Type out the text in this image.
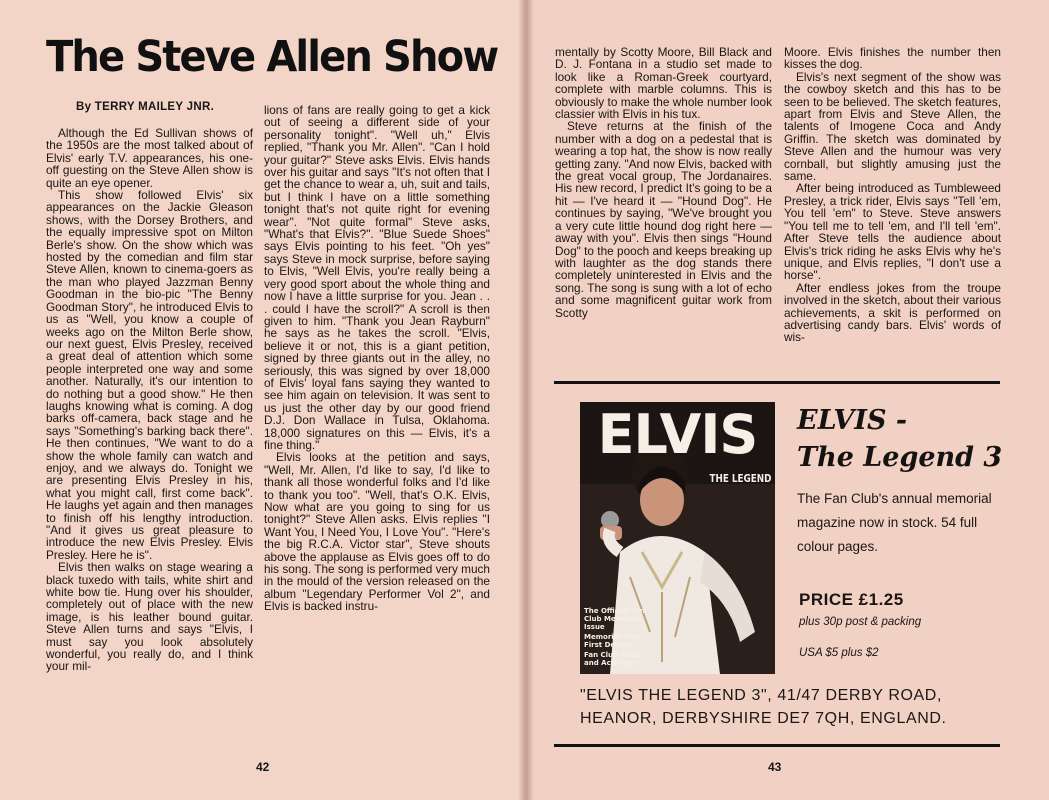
The Steve Allen Show

By TERRY MAILEY JNR.

Although the Ed Sullivan shows of the 1950s are the most talked about of Elvis' early T.V. appearances, his one-off guesting on the Steve Allen show is quite an eye opener.

This show followed Elvis' six appearances on the Jackie Gleason shows, with the Dorsey Brothers, and the equally impressive spot on Milton Berle's show. On the show which was hosted by the comedian and film star Steve Allen, known to cinema-goers as the man who played Jazzman Benny Goodman in the bio-pic "The Benny Goodman Story", he introduced Elvis to us as "Well, you know a couple of weeks ago on the Milton Berle show, our next guest, Elvis Presley, received a great deal of attention which some people interpreted one way and some another. Naturally, it's our intention to do nothing but a good show." He then laughs knowing what is coming. A dog barks off-camera, back stage and he says "Something's barking back there". He then continues, "We want to do a show the whole family can watch and enjoy, and we always do. Tonight we are presenting Elvis Presley in his, what you might call, first come back". He laughs yet again and then manages to finish off his lengthy introduction. "And it gives us great pleasure to introduce the new Elvis Presley. Elvis Presley. Here he is".

Elvis then walks on stage wearing a black tuxedo with tails, white shirt and white bow tie. Hung over his shoulder, completely out of place with the new image, is his leather bound guitar. Steve Allen turns and says "Elvis, I must say you look absolutely wonderful, you really do, and I think your mil-

lions of fans are really going to get a kick out of seeing a different side of your personality tonight". "Well uh," Elvis replied, "Thank you Mr. Allen". "Can I hold your guitar?" Steve asks Elvis. Elvis hands over his guitar and says "It's not often that I get the chance to wear a, uh, suit and tails, but I think I have on a little something tonight that's not quite right for evening wear". "Not quite formal" Steve asks, "What's that Elvis?". "Blue Suede Shoes" says Elvis pointing to his feet. "Oh yes" says Steve in mock surprise, before saying to Elvis, "Well Elvis, you're really being a very good sport about the whole thing and now I have a little surprise for you. Jean . . . could I have the scroll?" A scroll is then given to him. "Thank you Jean Rayburn" he says as he takes the scroll. "Elvis, believe it or not, this is a giant petition, signed by three giants out in the alley, no seriously, this was signed by over 18,000 of Elvis' loyal fans saying they wanted to see him again on television. It was sent to us just the other day by our good friend D.J. Don Wallace in Tulsa, Oklahoma. 18,000 signatures on this — Elvis, it's a fine thing."

Elvis looks at the petition and says, "Well, Mr. Allen, I'd like to say, I'd like to thank all those wonderful folks and I'd like to thank you too". "Well, that's O.K. Elvis, Now what are you going to sing for us tonight?" Steve Allen asks. Elvis replies "I Want You, I Need You, I Love You". "Here's the big R.C.A. Victor star", Steve shouts above the applause as Elvis goes off to do his song. The song is performed very much in the mould of the version released on the album "Legendary Performer Vol 2", and Elvis is backed instru-

42

mentally by Scotty Moore, Bill Black and D. J. Fontana in a studio set made to look like a Roman-Greek courtyard, complete with marble columns. This is obviously to make the whole number look classier with Elvis in his tux.

Steve returns at the finish of the number with a dog on a pedestal that is wearing a top hat, the show is now really getting zany. "And now Elvis, backed with the great vocal group, The Jordanaires. His new record, I predict It's going to be a hit — I've heard it — "Hound Dog". He continues by saying, "We've brought you a very cute little hound dog right here — away with you". Elvis then sings "Hound Dog" to the pooch and keeps breaking up with laughter as the dog stands there completely uninterested in Elvis and the song. The song is sung with a lot of echo and some magnificent guitar work from Scotty

Moore. Elvis finishes the number then kisses the dog.

Elvis's next segment of the show was the cowboy sketch and this has to be seen to be believed. The sketch features, apart from Elvis and Steve Allen, the talents of Imogene Coca and Andy Griffin. The sketch was dominated by Steve Allen and the humour was very cornball, but slightly amusing just the same.

After being introduced as Tumbleweed Presley, a trick rider, Elvis says "Tell 'em, You tell 'em" to Steve. Steve answers "You tell me to tell 'em, and I'll tell 'em". After Steve tells the audience about Elvis's trick riding he asks Elvis why he's unique, and Elvis replies, "I don't use a horse".

After endless jokes from the troupe involved in the sketch, about their various achievements, a skit is performed on advertising candy bars. Elvis' words of wis-

ELVIS
THE LEGEND
The Official Fan Club Memorial Issue
Memorial Tour First Details
Fan Club News and Activities

ELVIS -
The Legend 3

The Fan Club's annual memorial magazine now in stock. 54 full colour pages.

PRICE £1.25

plus 30p post & packing

USA $5 plus $2

"ELVIS THE LEGEND 3", 41/47 DERBY ROAD,
HEANOR, DERBYSHIRE DE7 7QH, ENGLAND.

43
